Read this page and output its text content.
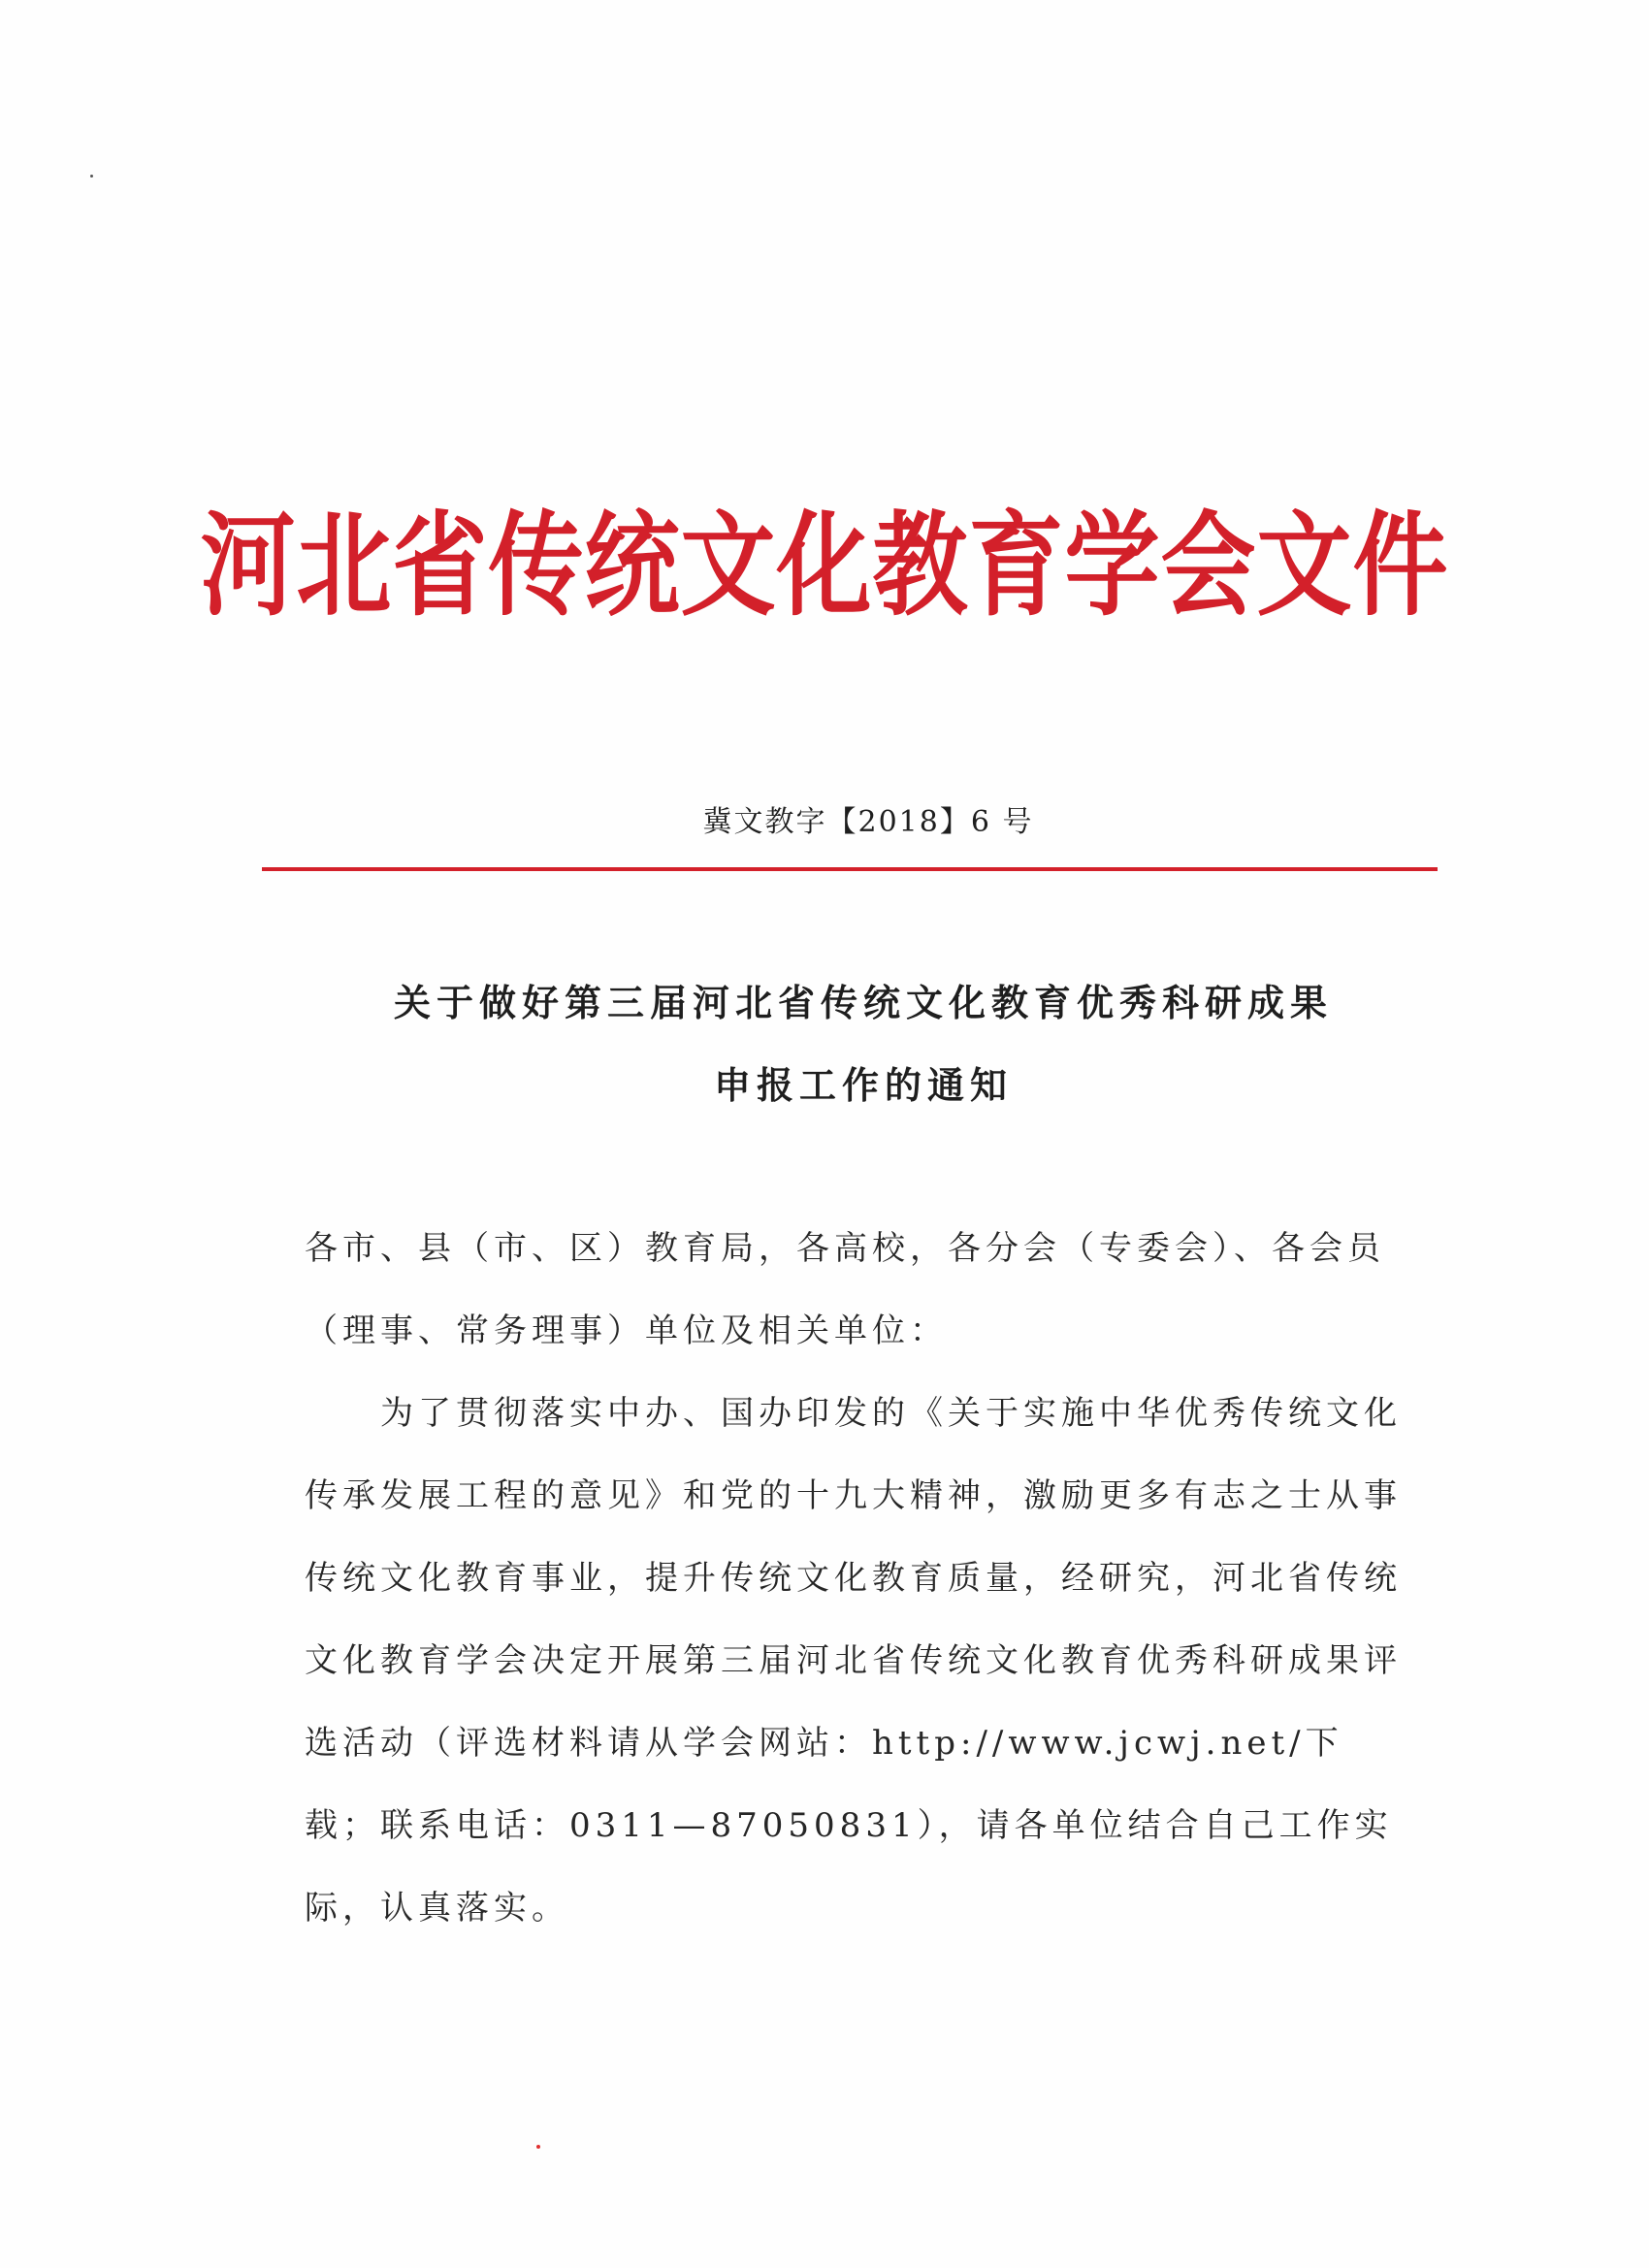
河北省传统文化教育学会文件
冀文教字【2018】6 号
关于做好第三届河北省传统文化教育优秀科研成果
申报工作的通知
各市、县（市、区）教育局，各高校，各分会（专委会）、各会员（理事、常务理事）单位及相关单位：
为了贯彻落实中办、国办印发的《关于实施中华优秀传统文化传承发展工程的意见》和党的十九大精神，激励更多有志之士从事传统文化教育事业，提升传统文化教育质量，经研究，河北省传统文化教育学会决定开展第三届河北省传统文化教育优秀科研成果评选活动（评选材料请从学会网站：http://www.jcwj.net/下载；联系电话：0311—87050831），请各单位结合自己工作实际，认真落实。
